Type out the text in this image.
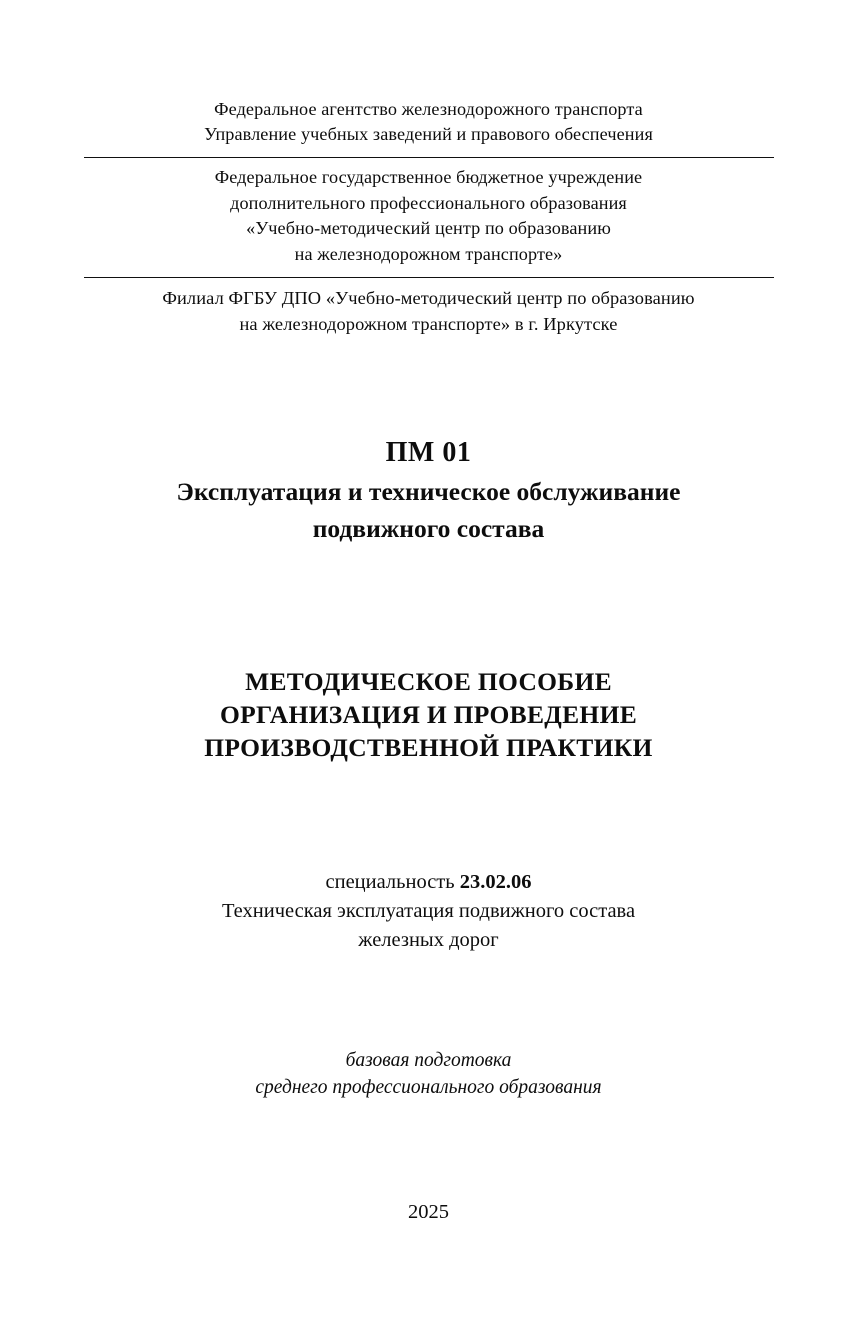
Федеральное агентство железнодорожного транспорта
Управление учебных заведений и правового обеспечения
Федеральное государственное бюджетное учреждение
дополнительного профессионального образования
«Учебно-методический центр по образованию
на железнодорожном транспорте»
Филиал ФГБУ ДПО «Учебно-методический центр по образованию
на железнодорожном транспорте» в г. Иркутске
ПМ 01
Эксплуатация и техническое обслуживание
подвижного состава
МЕТОДИЧЕСКОЕ ПОСОБИЕ
ОРГАНИЗАЦИЯ И ПРОВЕДЕНИЕ
ПРОИЗВОДСТВЕННОЙ ПРАКТИКИ
специальность 23.02.06
Техническая эксплуатация подвижного состава
железных дорог
базовая подготовка
среднего профессионального образования
2025
